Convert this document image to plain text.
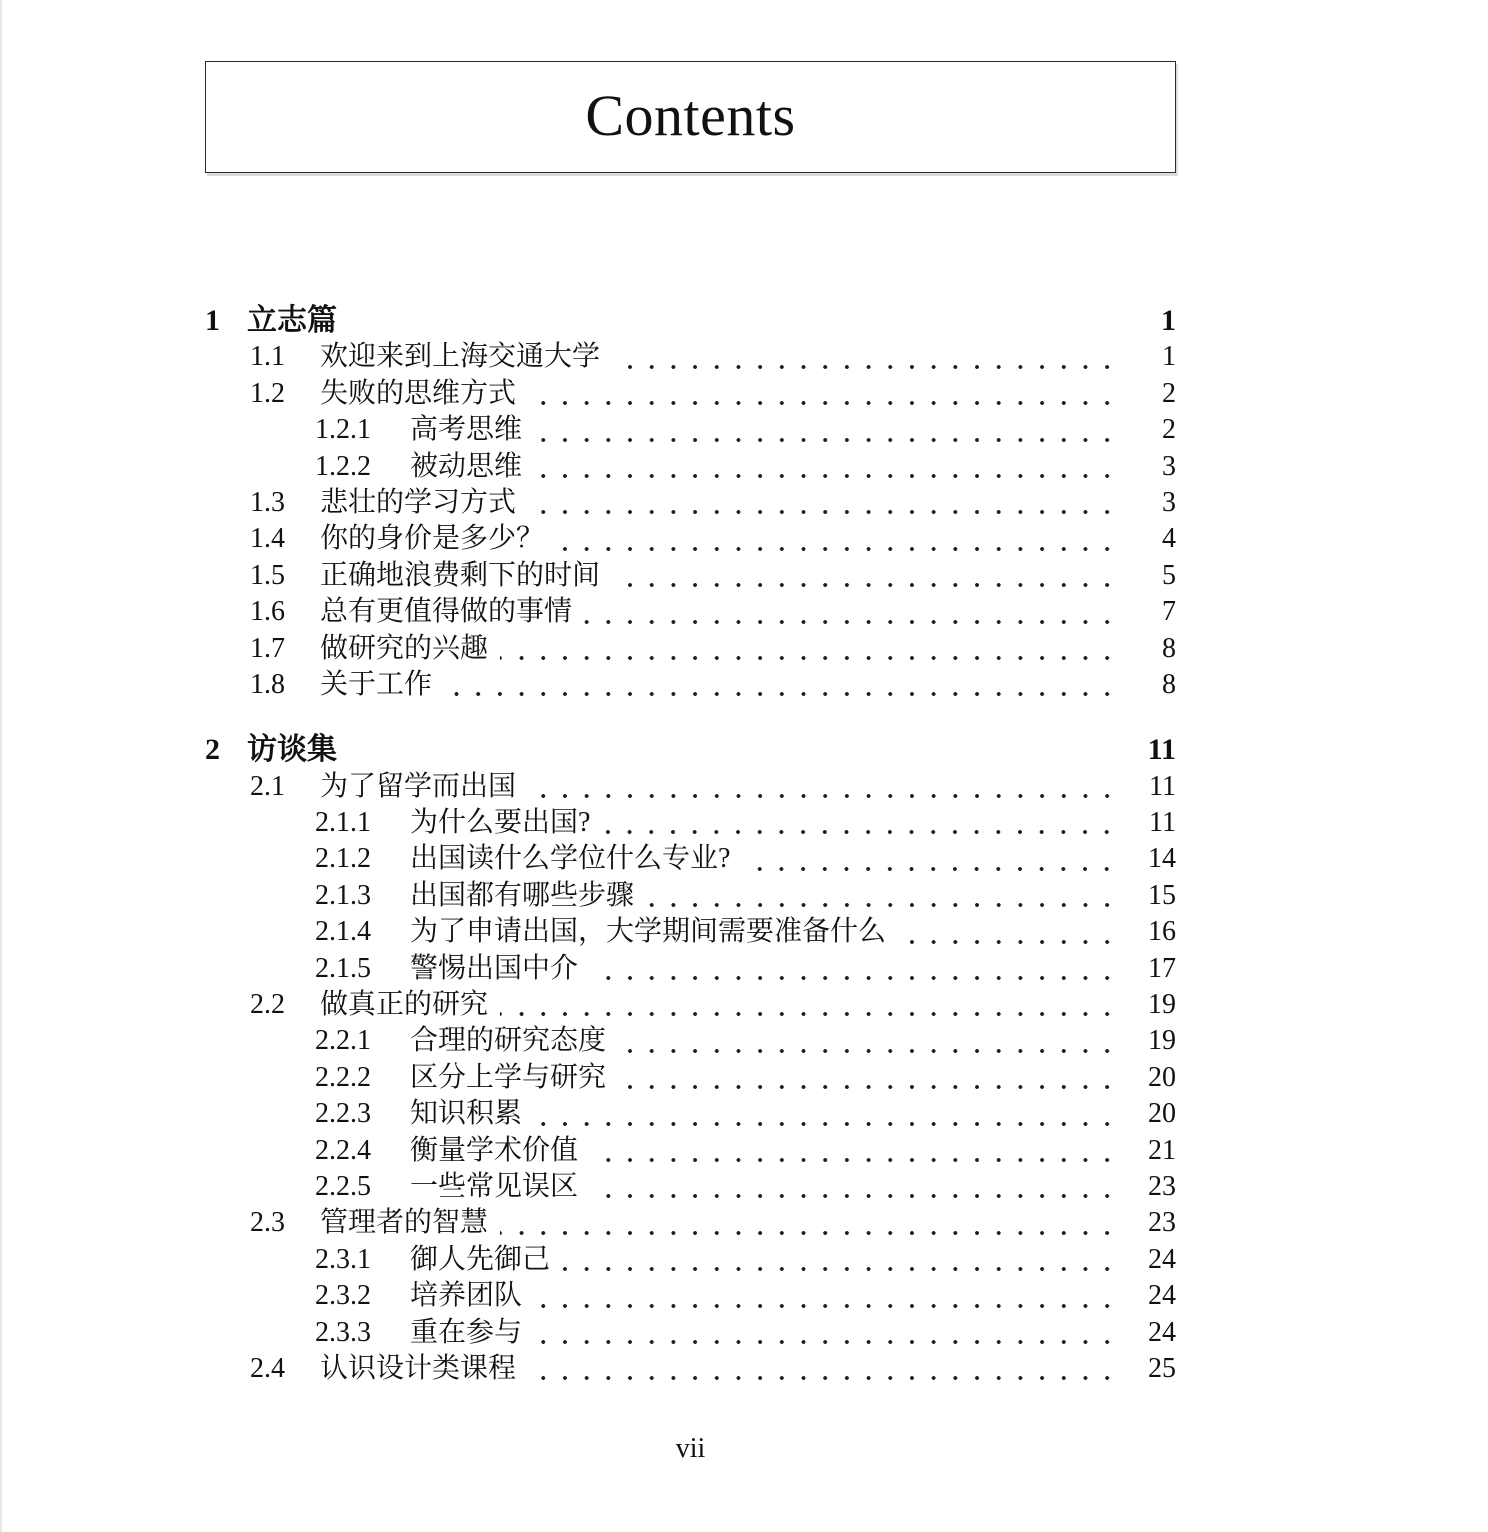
Contents
1 立志篇	1
1.1	欢迎来到上海交通大学	1
1.2	失败的思维方式	2
1.2.1	高考思维	2
1.2.2	被动思维	3
1.3	悲壮的学习方式	3
1.4	你的身价是多少？	4
1.5	正确地浪费剩下的时间	5
1.6	总有更值得做的事情	7
1.7	做研究的兴趣	8
1.8	关于工作	8
2 访谈集	11
2.1	为了留学而出国	11
2.1.1	为什么要出国?	11
2.1.2	出国读什么学位什么专业?	14
2.1.3	出国都有哪些步骤	15
2.1.4	为了申请出国，大学期间需要准备什么	16
2.1.5	警惕出国中介	17
2.2	做真正的研究	19
2.2.1	合理的研究态度	19
2.2.2	区分上学与研究	20
2.2.3	知识积累	20
2.2.4	衡量学术价值	21
2.2.5	一些常见误区	23
2.3	管理者的智慧	23
2.3.1	御人先御己	24
2.3.2	培养团队	24
2.3.3	重在参与	24
2.4	认识设计类课程	25
vii
